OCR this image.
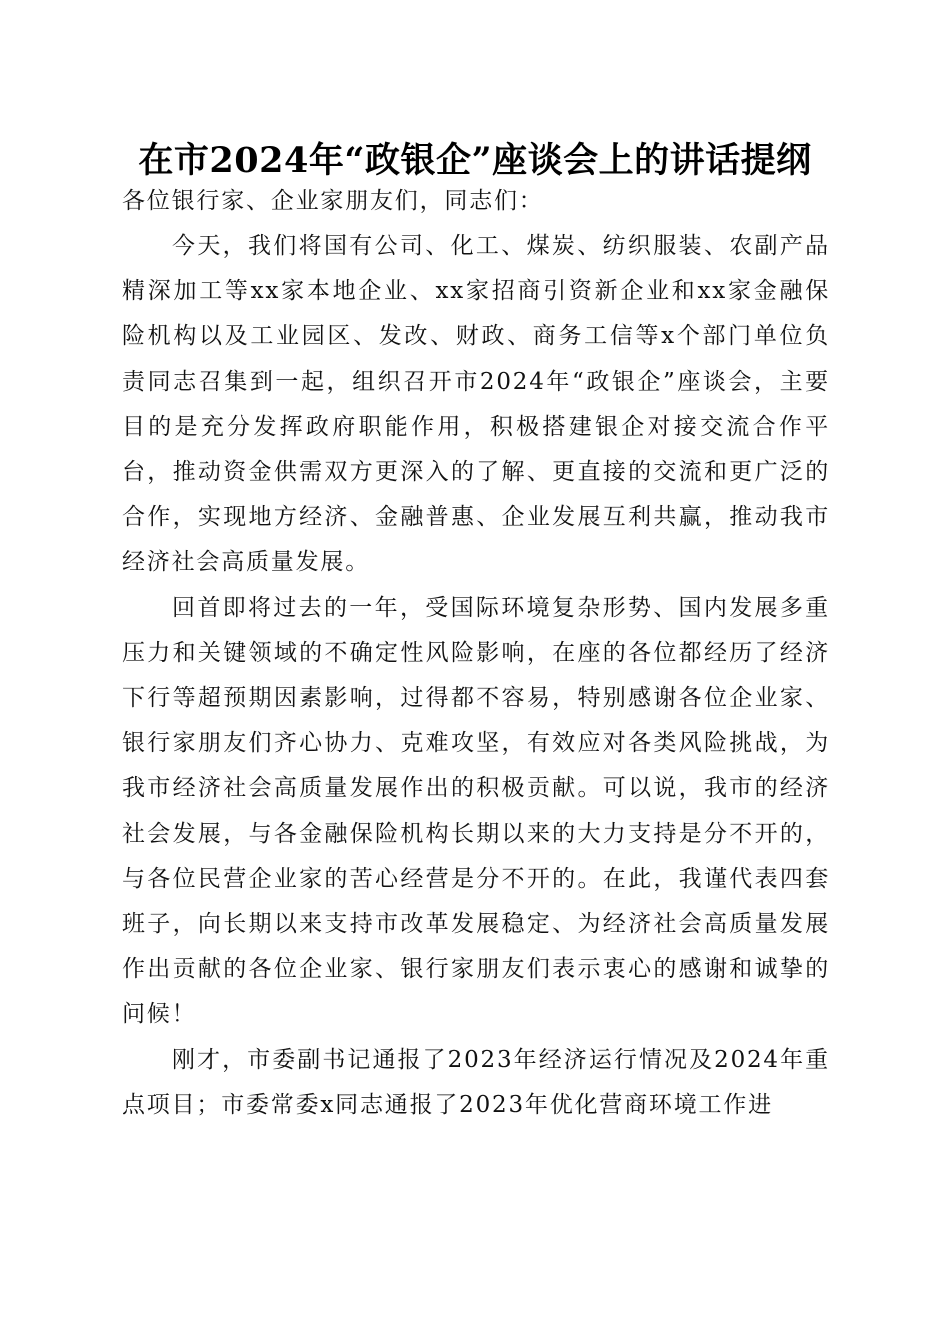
在市2024年“政银企”座谈会上的讲话提纲

各位银行家、企业家朋友们，同志们：

今天，我们将国有公司、化工、煤炭、纺织服装、农副产品精深加工等xx家本地企业、xx家招商引资新企业和xx家金融保险机构以及工业园区、发改、财政、商务工信等x个部门单位负责同志召集到一起，组织召开市2024年“政银企”座谈会，主要目的是充分发挥政府职能作用，积极搭建银企对接交流合作平台，推动资金供需双方更深入的了解、更直接的交流和更广泛的合作，实现地方经济、金融普惠、企业发展互利共赢，推动我市经济社会高质量发展。

回首即将过去的一年，受国际环境复杂形势、国内发展多重压力和关键领域的不确定性风险影响，在座的各位都经历了经济下行等超预期因素影响，过得都不容易，特别感谢各位企业家、银行家朋友们齐心协力、克难攻坚，有效应对各类风险挑战，为我市经济社会高质量发展作出的积极贡献。可以说，我市的经济社会发展，与各金融保险机构长期以来的大力支持是分不开的，与各位民营企业家的苦心经营是分不开的。在此，我谨代表四套班子，向长期以来支持市改革发展稳定、为经济社会高质量发展作出贡献的各位企业家、银行家朋友们表示衷心的感谢和诚挚的问候！

刚才，市委副书记通报了2023年经济运行情况及2024年重点项目；市委常委x同志通报了2023年优化营商环境工作进
